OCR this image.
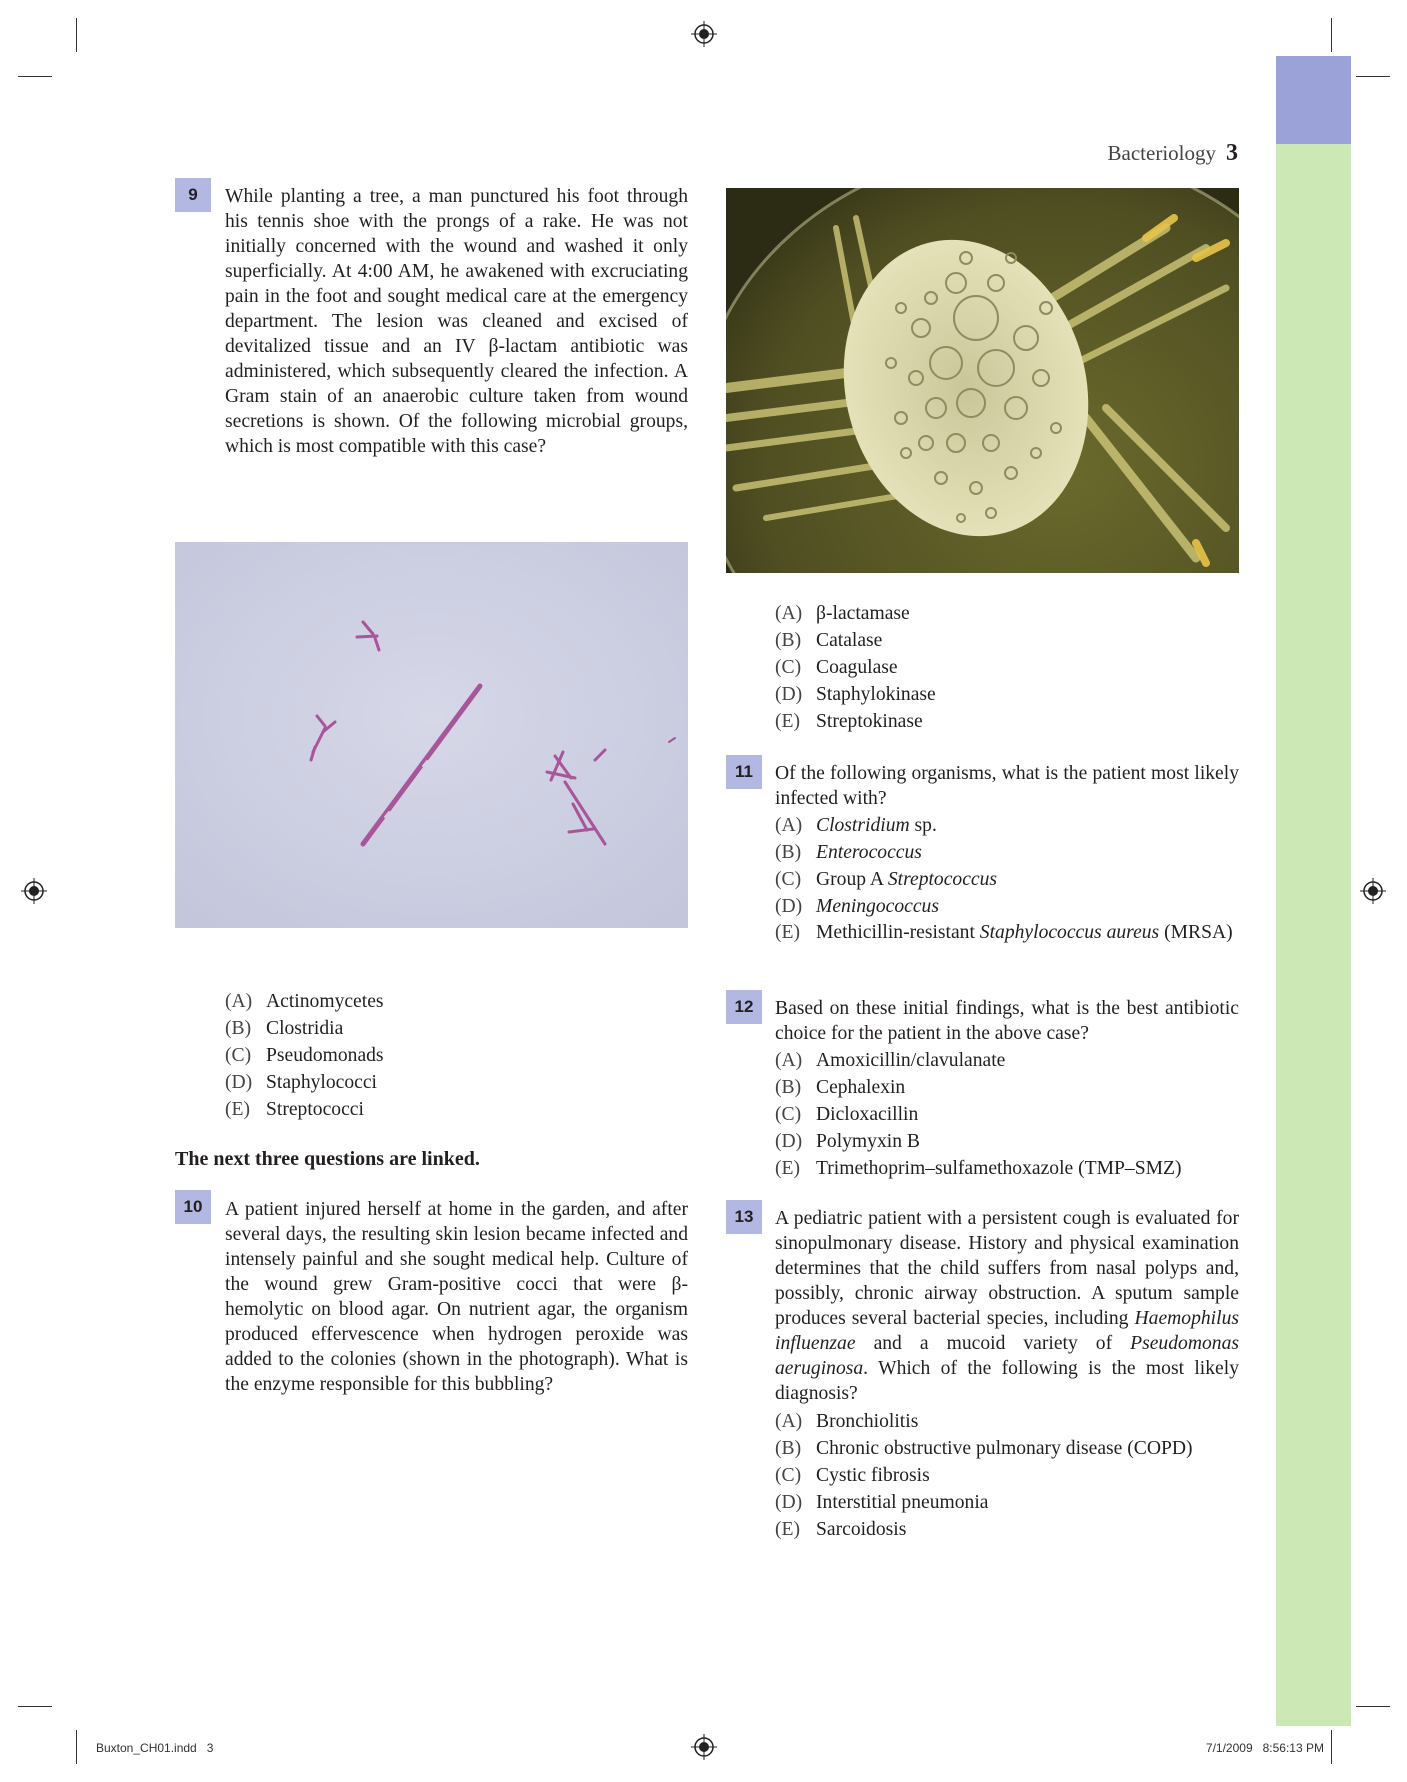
Bacteriology 3
9	While planting a tree, a man punctured his foot through his tennis shoe with the prongs of a rake. He was not initially concerned with the wound and washed it only superficially. At 4:00 AM, he awakened with excruciating pain in the foot and sought medical care at the emergency department. The lesion was cleaned and excised of devitalized tissue and an IV β-lactam antibiotic was administered, which subsequently cleared the infection. A Gram stain of an anaerobic culture taken from wound secretions is shown. Of the following microbial groups, which is most compatible with this case?
(A) Actinomycetes
(B) Clostridia
(C) Pseudomonads
(D) Staphylococci
(E) Streptococci
The next three questions are linked.
10	A patient injured herself at home in the garden, and after several days, the resulting skin lesion became infected and intensely painful and she sought medical help. Culture of the wound grew Gram-positive cocci that were β-hemolytic on blood agar. On nutrient agar, the organism produced effervescence when hydrogen peroxide was added to the colonies (shown in the photograph). What is the enzyme responsible for this bubbling?
(A) β-lactamase
(B) Catalase
(C) Coagulase
(D) Staphylokinase
(E) Streptokinase
11	Of the following organisms, what is the patient most likely infected with?
(A) Clostridium sp.
(B) Enterococcus
(C) Group A Streptococcus
(D) Meningococcus
(E) Methicillin-resistant Staphylococcus aureus (MRSA)
12	Based on these initial findings, what is the best antibiotic choice for the patient in the above case?
(A) Amoxicillin/clavulanate
(B) Cephalexin
(C) Dicloxacillin
(D) Polymyxin B
(E) Trimethoprim–sulfamethoxazole (TMP–SMZ)
13	A pediatric patient with a persistent cough is evaluated for sinopulmonary disease. History and physical examination determines that the child suffers from nasal polyps and, possibly, chronic airway obstruction. A sputum sample produces several bacterial species, including Haemophilus influenzae and a mucoid variety of Pseudomonas aeruginosa. Which of the following is the most likely diagnosis?
(A) Bronchiolitis
(B) Chronic obstructive pulmonary disease (COPD)
(C) Cystic fibrosis
(D) Interstitial pneumonia
(E) Sarcoidosis
Buxton_CH01.indd   3	7/1/2009   8:56:13 PM
